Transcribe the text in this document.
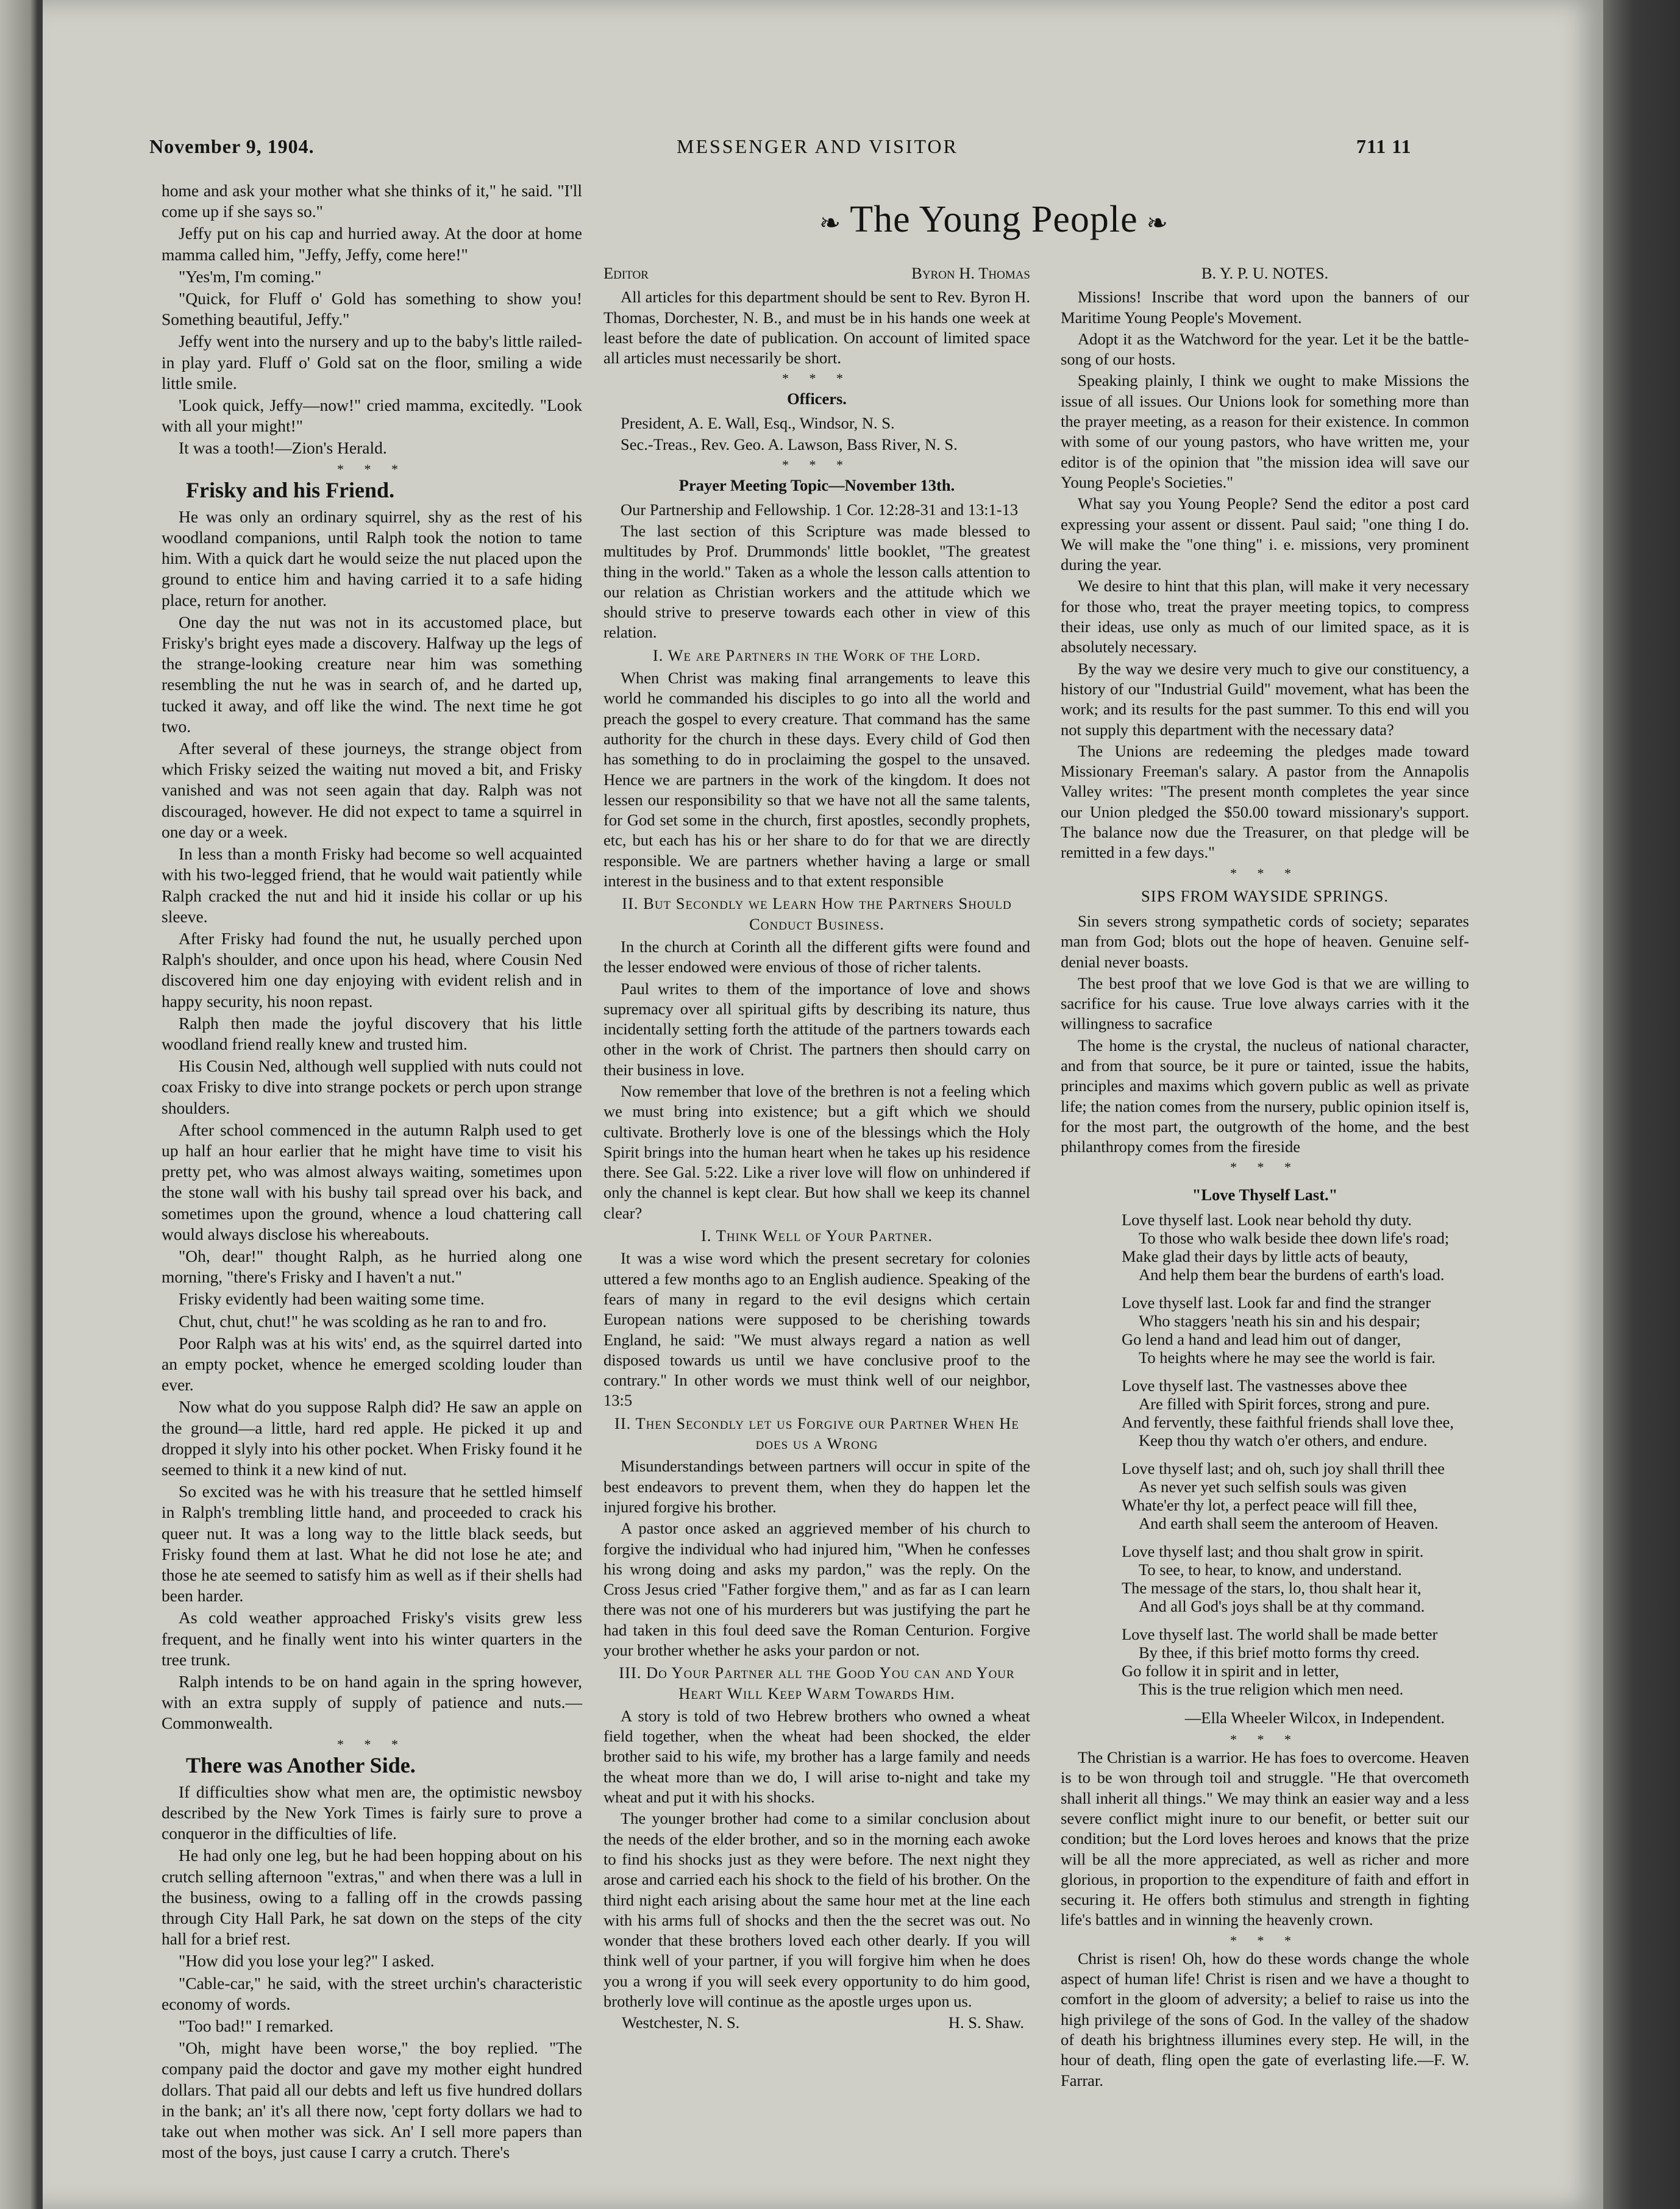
November 9, 1904.	MESSENGER AND VISITOR	711 11
❧ The Young People ❧

home and ask your mother what she thinks of it," he said. "I'll come up if she says so."

Jeffy put on his cap and hurried away. At the door at home mamma called him, "Jeffy, Jeffy, come here!"

"Yes'm, I'm coming."

"Quick, for Fluff o' Gold has something to show you! Something beautiful, Jeffy."

Jeffy went into the nursery and up to the baby's little railed-in play yard. Fluff o' Gold sat on the floor, smiling a wide little smile.

'Look quick, Jeffy—now!" cried mamma, excitedly. "Look with all your might!"

It was a tooth!—Zion's Herald.

* * *
Frisky and his Friend.

He was only an ordinary squirrel, shy as the rest of his woodland companions, until Ralph took the notion to tame him. With a quick dart he would seize the nut placed upon the ground to entice him and having carried it to a safe hiding place, return for another.

One day the nut was not in its accustomed place, but Frisky's bright eyes made a discovery. Halfway up the legs of the strange-looking creature near him was something resembling the nut he was in search of, and he darted up, tucked it away, and off like the wind. The next time he got two.

After several of these journeys, the strange object from which Frisky seized the waiting nut moved a bit, and Frisky vanished and was not seen again that day. Ralph was not discouraged, however. He did not expect to tame a squirrel in one day or a week.

In less than a month Frisky had become so well acquainted with his two-legged friend, that he would wait patiently while Ralph cracked the nut and hid it inside his collar or up his sleeve.

After Frisky had found the nut, he usually perched upon Ralph's shoulder, and once upon his head, where Cousin Ned discovered him one day enjoying with evident relish and in happy security, his noon repast.

Ralph then made the joyful discovery that his little woodland friend really knew and trusted him.

His Cousin Ned, although well supplied with nuts could not coax Frisky to dive into strange pockets or perch upon strange shoulders.

After school commenced in the autumn Ralph used to get up half an hour earlier that he might have time to visit his pretty pet, who was almost always waiting, sometimes upon the stone wall with his bushy tail spread over his back, and sometimes upon the ground, whence a loud chattering call would always disclose his whereabouts.

"Oh, dear!" thought Ralph, as he hurried along one morning, "there's Frisky and I haven't a nut."

Frisky evidently had been waiting some time.

Chut, chut, chut!" he was scolding as he ran to and fro.

Poor Ralph was at his wits' end, as the squirrel darted into an empty pocket, whence he emerged scolding louder than ever.

Now what do you suppose Ralph did? He saw an apple on the ground—a little, hard red apple. He picked it up and dropped it slyly into his other pocket. When Frisky found it he seemed to think it a new kind of nut.

So excited was he with his treasure that he settled himself in Ralph's trembling little hand, and proceeded to crack his queer nut. It was a long way to the little black seeds, but Frisky found them at last. What he did not lose he ate; and those he ate seemed to satisfy him as well as if their shells had been harder.

As cold weather approached Frisky's visits grew less frequent, and he finally went into his winter quarters in the tree trunk.

Ralph intends to be on hand again in the spring however, with an extra supply of supply of patience and nuts.—Commonwealth.

* * *
There was Another Side.

If difficulties show what men are, the optimistic newsboy described by the New York Times is fairly sure to prove a conqueror in the difficulties of life.

He had only one leg, but he had been hopping about on his crutch selling afternoon "extras," and when there was a lull in the business, owing to a falling off in the crowds passing through City Hall Park, he sat down on the steps of the city hall for a brief rest.

"How did you lose your leg?" I asked.

"Cable-car," he said, with the street urchin's characteristic economy of words.

"Too bad!" I remarked.

"Oh, might have been worse," the boy replied. "The company paid the doctor and gave my mother eight hundred dollars. That paid all our debts and left us five hundred dollars in the bank; an' it's all there now, 'cept forty dollars we had to take out when mother was sick. An' I sell more papers than most of the boys, just cause I carry a crutch. There's

Editor	Byron H. Thomas

All articles for this department should be sent to Rev. Byron H. Thomas, Dorchester, N. B., and must be in his hands one week at least before the date of publication. On account of limited space all articles must necessarily be short.

* * *
Officers.

President, A. E. Wall, Esq., Windsor, N. S.

Sec.-Treas., Rev. Geo. A. Lawson, Bass River, N. S.

* * *
Prayer Meeting Topic—November 13th.

Our Partnership and Fellowship. 1 Cor. 12:28-31 and 13:1-13

The last section of this Scripture was made blessed to multitudes by Prof. Drummonds' little booklet, "The greatest thing in the world." Taken as a whole the lesson calls attention to our relation as Christian workers and the attitude which we should strive to preserve towards each other in view of this relation.

I. We are Partners in the Work of the Lord.

When Christ was making final arrangements to leave this world he commanded his disciples to go into all the world and preach the gospel to every creature. That command has the same authority for the church in these days. Every child of God then has something to do in proclaiming the gospel to the unsaved. Hence we are partners in the work of the kingdom. It does not lessen our responsibility so that we have not all the same talents, for God set some in the church, first apostles, secondly prophets, etc, but each has his or her share to do for that we are directly responsible. We are partners whether having a large or small interest in the business and to that extent responsible

II. But Secondly we Learn How the Partners Should Conduct Business.

In the church at Corinth all the different gifts were found and the lesser endowed were envious of those of richer talents.

Paul writes to them of the importance of love and shows supremacy over all spiritual gifts by describing its nature, thus incidentally setting forth the attitude of the partners towards each other in the work of Christ. The partners then should carry on their business in love.

Now remember that love of the brethren is not a feeling which we must bring into existence; but a gift which we should cultivate. Brotherly love is one of the blessings which the Holy Spirit brings into the human heart when he takes up his residence there. See Gal. 5:22. Like a river love will flow on unhindered if only the channel is kept clear. But how shall we keep its channel clear?

I. Think Well of Your Partner.

It was a wise word which the present secretary for colonies uttered a few months ago to an English audience. Speaking of the fears of many in regard to the evil designs which certain European nations were supposed to be cherishing towards England, he said: "We must always regard a nation as well disposed towards us until we have conclusive proof to the contrary." In other words we must think well of our neighbor, 13:5

II. Then Secondly let us Forgive our Partner When He does us a Wrong

Misunderstandings between partners will occur in spite of the best endeavors to prevent them, when they do happen let the injured forgive his brother.

A pastor once asked an aggrieved member of his church to forgive the individual who had injured him, "When he confesses his wrong doing and asks my pardon," was the reply. On the Cross Jesus cried "Father forgive them," and as far as I can learn there was not one of his murderers but was justifying the part he had taken in this foul deed save the Roman Centurion. Forgive your brother whether he asks your pardon or not.

III. Do Your Partner all the Good You can and Your Heart Will Keep Warm Towards Him.

A story is told of two Hebrew brothers who owned a wheat field together, when the wheat had been shocked, the elder brother said to his wife, my brother has a large family and needs the wheat more than we do, I will arise to-night and take my wheat and put it with his shocks.

The younger brother had come to a similar conclusion about the needs of the elder brother, and so in the morning each awoke to find his shocks just as they were before. The next night they arose and carried each his shock to the field of his brother. On the third night each arising about the same hour met at the line each with his arms full of shocks and then the the secret was out. No wonder that these brothers loved each other dearly. If you will think well of your partner, if you will forgive him when he does you a wrong if you will seek every opportunity to do him good, brotherly love will continue as the apostle urges upon us.

Westchester, N. S.	H. S. Shaw.
B. Y. P. U. NOTES.

Missions! Inscribe that word upon the banners of our Maritime Young People's Movement.

Adopt it as the Watchword for the year. Let it be the battle-song of our hosts.

Speaking plainly, I think we ought to make Missions the issue of all issues. Our Unions look for something more than the prayer meeting, as a reason for their existence. In common with some of our young pastors, who have written me, your editor is of the opinion that "the mission idea will save our Young People's Societies."

What say you Young People? Send the editor a post card expressing your assent or dissent. Paul said; "one thing I do. We will make the "one thing" i. e. missions, very prominent during the year.

We desire to hint that this plan, will make it very necessary for those who, treat the prayer meeting topics, to compress their ideas, use only as much of our limited space, as it is absolutely necessary.

By the way we desire very much to give our constituency, a history of our "Industrial Guild" movement, what has been the work; and its results for the past summer. To this end will you not supply this department with the necessary data?

The Unions are redeeming the pledges made toward Missionary Freeman's salary. A pastor from the Annapolis Valley writes: "The present month completes the year since our Union pledged the $50.00 toward missionary's support. The balance now due the Treasurer, on that pledge will be remitted in a few days."

* * *
SIPS FROM WAYSIDE SPRINGS.

Sin severs strong sympathetic cords of society; separates man from God; blots out the hope of heaven. Genuine self-denial never boasts.

The best proof that we love God is that we are willing to sacrifice for his cause. True love always carries with it the willingness to sacrafice

The home is the crystal, the nucleus of national character, and from that source, be it pure or tainted, issue the habits, principles and maxims which govern public as well as private life; the nation comes from the nursery, public opinion itself is, for the most part, the outgrowth of the home, and the best philanthropy comes from the fireside

* * *
"Love Thyself Last."
Love thyself last. Look near behold thy duty.
To those who walk beside thee down life's road;
Make glad their days by little acts of beauty,
And help them bear the burdens of earth's load.
Love thyself last. Look far and find the stranger
Who staggers 'neath his sin and his despair;
Go lend a hand and lead him out of danger,
To heights where he may see the world is fair.
Love thyself last. The vastnesses above thee
Are filled with Spirit forces, strong and pure.
And fervently, these faithful friends shall love thee,
Keep thou thy watch o'er others, and endure.
Love thyself last; and oh, such joy shall thrill thee
As never yet such selfish souls was given
Whate'er thy lot, a perfect peace will fill thee,
And earth shall seem the anteroom of Heaven.
Love thyself last; and thou shalt grow in spirit.
To see, to hear, to know, and understand.
The message of the stars, lo, thou shalt hear it,
And all God's joys shall be at thy command.
Love thyself last. The world shall be made better
By thee, if this brief motto forms thy creed.
Go follow it in spirit and in letter,
This is the true religion which men need.
—Ella Wheeler Wilcox, in Independent.
* * *

The Christian is a warrior. He has foes to overcome. Heaven is to be won through toil and struggle. "He that overcometh shall inherit all things." We may think an easier way and a less severe conflict might inure to our benefit, or better suit our condition; but the Lord loves heroes and knows that the prize will be all the more appreciated, as well as richer and more glorious, in proportion to the expenditure of faith and effort in securing it. He offers both stimulus and strength in fighting life's battles and in winning the heavenly crown.

* * *

Christ is risen! Oh, how do these words change the whole aspect of human life! Christ is risen and we have a thought to comfort in the gloom of adversity; a belief to raise us into the high privilege of the sons of God. In the valley of the shadow of death his brightness illumines every step. He will, in the hour of death, fling open the gate of everlasting life.—F. W. Farrar.
